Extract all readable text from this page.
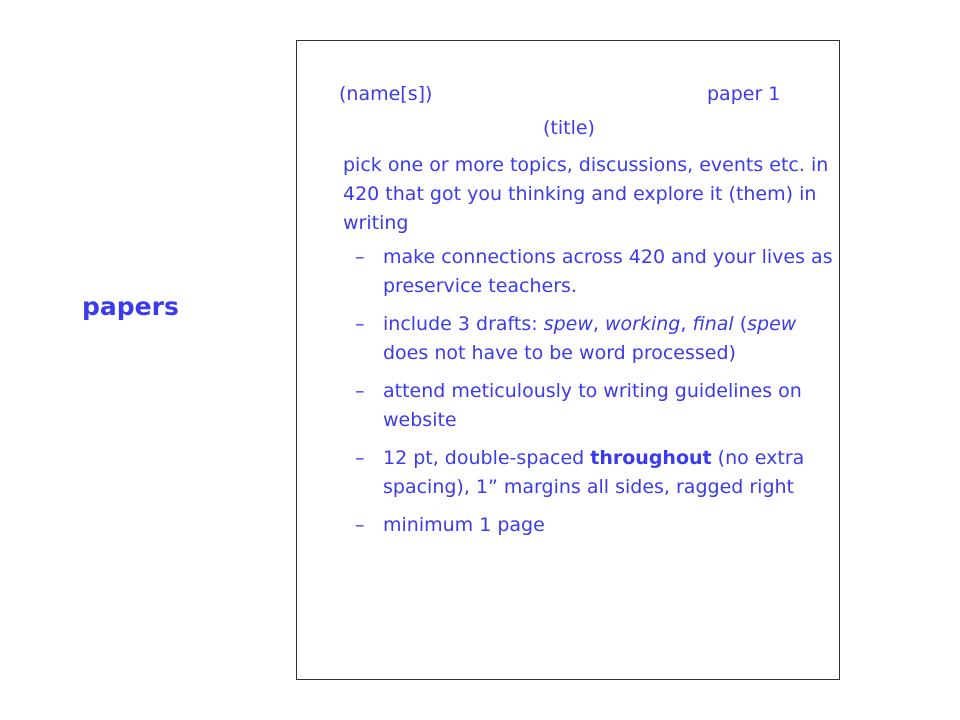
papers
(name[s])	paper 1
(title)
pick one or more topics, discussions, events etc. in 420 that got you thinking and explore it (them) in writing
– make connections across 420 and your lives as preservice teachers.
– include 3 drafts: spew, working, final (spew does not have to be word processed)
– attend meticulously to writing guidelines on website
– 12 pt, double-spaced throughout (no extra spacing), 1” margins all sides, ragged right
– minimum 1 page
